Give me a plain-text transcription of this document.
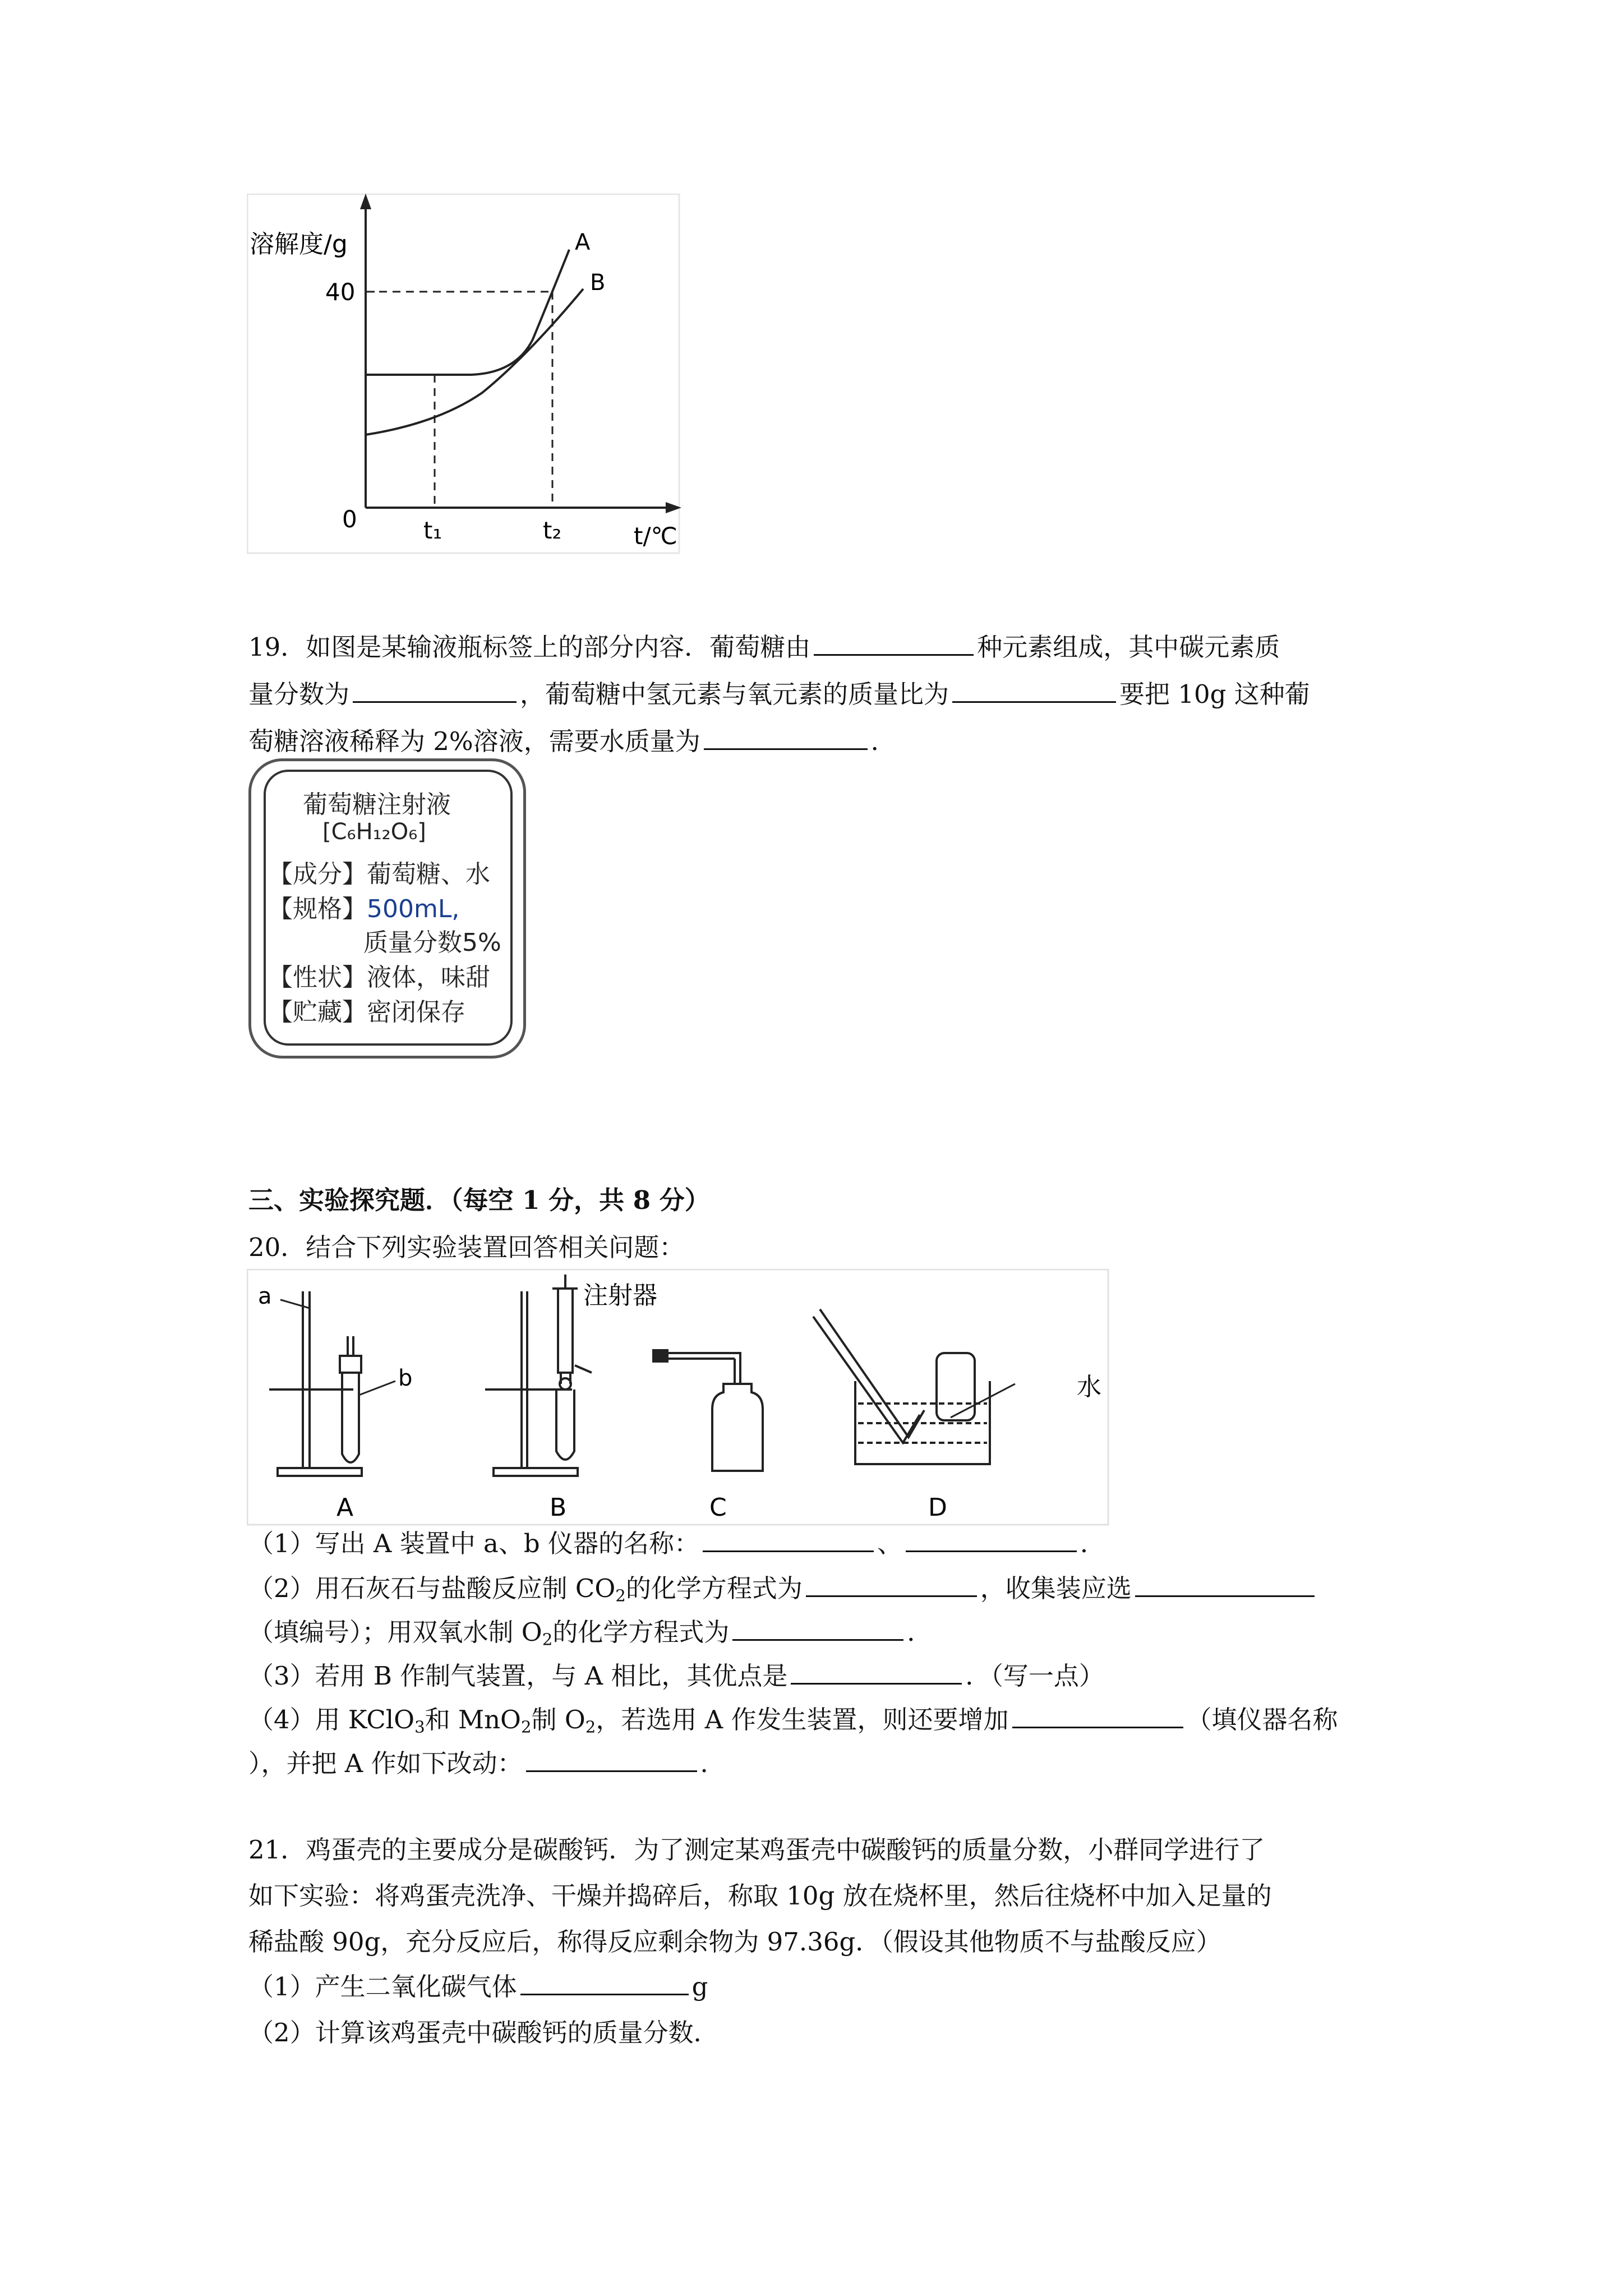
溶解度/g
40
0	t₁	t₂	t/℃
A
B
19．如图是某输液瓶标签上的部分内容．葡萄糖由	种元素组成，其中碳元素质
量分数为	，葡萄糖中氢元素与氧元素的质量比为	要把 10g 这种葡
萄糖溶液稀释为 2%溶液，需要水质量为	．
葡萄糖注射液
[C₆H₁₂O₆]
【成分】葡萄糖、水
【规格】500mL,
质量分数5%
【性状】液体，味甜
【贮藏】密闭保存
三、实验探究题．（每空 1 分，共 8 分）
20．结合下列实验装置回答相关问题：
a
b
注射器
水
A	B	C	D
（1）写出 A 装置中 a、b 仪器的名称：	、	．
（2）用石灰石与盐酸反应制 $CO_2$的化学方程式为	，收集装应选
（填编号）；用双氧水制 $O_2$的化学方程式为	．
（3）若用 B 作制气装置，与 A 相比，其优点是	．（写一点）
（4）用 KClO$_3$和 MnO$_2$制 $O_2$，若选用 A 作发生装置，则还要增加	（填仪器名称
），并把 A 作如下改动：	．
21．鸡蛋壳的主要成分是碳酸钙．为了测定某鸡蛋壳中碳酸钙的质量分数，小群同学进行了
如下实验：将鸡蛋壳洗净、干燥并捣碎后，称取 10g 放在烧杯里，然后往烧杯中加入足量的
稀盐酸 90g，充分反应后，称得反应剩余物为 97.36g．（假设其他物质不与盐酸反应）
（1）产生二氧化碳气体	g
（2）计算该鸡蛋壳中碳酸钙的质量分数．
